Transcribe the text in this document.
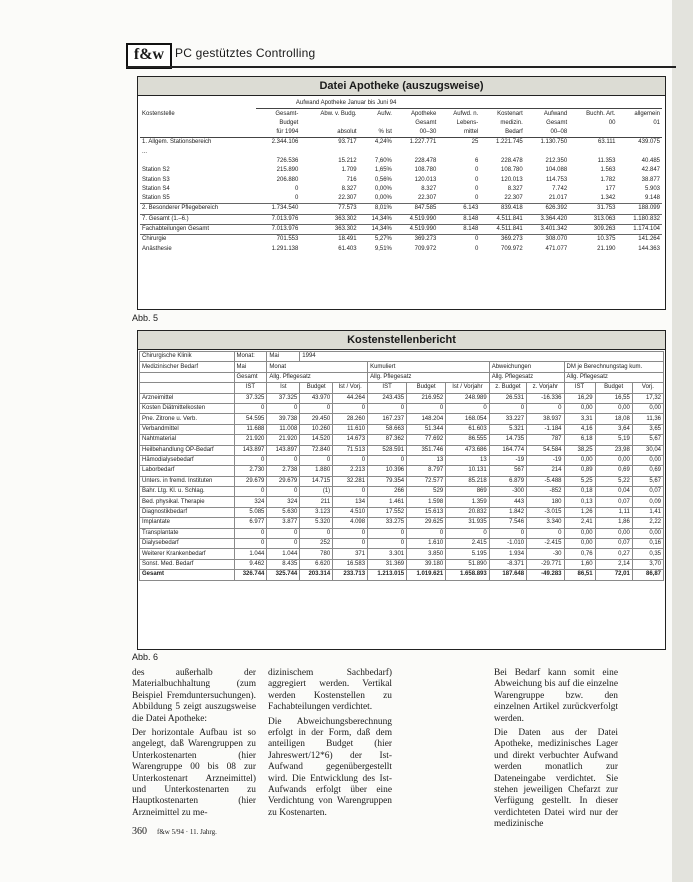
f&w PC gestütztes Controlling
Datei Apotheke (auszugsweise)
	Aufwand Apotheke Januar bis Juni 94								
Kostenstelle	Gesamt-	Abw. v. Budg.	Aufw.	Apotheke	Aufwd. n.	Kostenart	Aufwand	Buchh. Art.	allgemein
	Budget			Gesamt	Lebens-	medizin.	Gesamt	00	01
	für 1994	absolut	% Ist	00–30	mittel	Bedarf	00–08		
1. Allgem. Stationsbereich	2.344.106	93.717	4,24%	1.227.771	25	1.221.745	1.130.750	63.111	439.075
...									
	726.536	15.212	7,60%	228.478	6	228.478	212.350	11.353	40.485
Station S2	215.890	1.709	1,65%	108.780	0	108.780	104.088	1.563	42.847
Station S3	206.880	716	0,56%	120.013	0	120.013	114.753	1.782	38.877
Station S4	0	8.327	0,00%	8.327	0	8.327	7.742	177	5.903
Station S5	0	22.307	0,00%	22.307	0	22.307	21.017	1.342	9.148
2. Besonderer Pflegebereich	1.734.540	77.573	8,01%	847.585	6.143	839.418	626.392	31.753	188.099
7. Gesamt (1.–6.)	7.013.976	363.302	14,34%	4.519.990	8.148	4.511.841	3.364.420	313.063	1.180.832
Fachabteilungen Gesamt	7.013.976	363.302	14,34%	4.519.990	8.148	4.511.841	3.401.342	309.263	1.174.104
Chirurgie	701.553	18.491	5,27%	369.273	0	369.273	308.070	10.375	141.264
Anästhesie	1.291.138	61.403	9,51%	709.972	0	709.972	471.077	21.190	144.363
Abb. 5
Kostenstellenbericht
Chirurgische Klinik	Monat:	Mai	1994									
Medizinischer Bedarf	Mai	Monat			Kumuliert			Abweichungen		DM je Berechnungstag kum.		
	Gesamt	Allg. Pflegesatz			Allg. Pflegesatz			Allg. Pflegesatz		Allg. Pflegesatz		
	IST	Ist	Budget	Ist / Vorj.	IST	Budget	Ist / Vorjahr	z. Budget	z. Vorjahr	IST	Budget	Vorj.
Arzneimittel	37.325	37.325	43.970	44.264	243.435	216.952	248.989	26.531	-16.336	16,29	16,55	17,32
Kosten Diätmittelkosten	0	0	0	0	0	0	0	0	0	0,00	0,00	0,00
Pne. Zitrone u. Verb.	54.595	39.738	29.450	28.260	167.237	148.204	168.054	33.227	38.937	3,31	18,08	11,36
Verbandmittel	11.688	11.008	10.260	11.610	58.663	51.344	61.603	5.321	-1.184	4,16	3,64	3,65
Nahtmaterial	21.920	21.920	14.520	14.673	87.362	77.692	86.555	14.735	787	6,18	5,19	5,67
Heilbehandlung OP-Bedarf	143.897	143.897	72.840	71.513	528.591	351.746	473.686	164.774	54.584	38,25	23,98	30,04
Hämodialysebedarf	0	0	0	0	0	13	13	-19	-19	0,00	0,00	0,00
Laborbedarf	2.730	2.738	1.880	2.213	10.396	8.797	10.131	567	214	0,89	0,69	0,69
Unters. in fremd. Instituten	29.679	29.679	14.715	32.281	79.354	72.577	85.218	6.879	-5.488	5,25	5,22	5,67
Bahr. Ltg. Kl. u. Schlag.	0	0	(1)	0	266	529	869	-300	-852	0,18	0,04	0,07
Bed. physikal. Therapie	324	324	211	134	1.461	1.598	1.359	443	180	0,13	0,07	0,09
Diagnostikbedarf	5.085	5.630	3.123	4.510	17.552	15.613	20.832	1.842	-3.015	1,26	1,11	1,41
Implantate	6.977	3.877	5.320	4.098	33.275	29.625	31.935	7.546	3.340	2,41	1,86	2,22
Transplantate	0	0	0	0	0	0	0	0	0	0,00	0,00	0,00
Dialysebedarf	0	0	252	0	0	1.610	2.415	-1.010	-2.415	0,00	0,07	0,16
Weiterer Krankenbedarf	1.044	1.044	780	371	3.301	3.850	5.195	1.934	-30	0,76	0,27	0,35
Sonst. Med. Bedarf	9.462	8.435	6.620	16.583	31.369	39.180	51.890	-8.371	-29.771	1,60	2,14	3,70
Gesamt	326.744	325.744	203.314	233.713	1.213.015	1.019.621	1.658.893	187.648	-49.283	86,51	72,01	86,87
Abb. 6

des außerhalb der Materialbuchhaltung (zum Beispiel Fremduntersuchungen). Abbildung 5 zeigt auszugsweise die Datei Apotheke:

Der horizontale Aufbau ist so angelegt, daß Warengruppen zu Unterkostenarten (hier Warengruppe 00 bis 08 zur Unterkostenart Arzneimittel) und Unterkostenarten zu Hauptkostenarten (hier Arzneimittel zu me-

dizinischem Sachbedarf) aggregiert werden. Vertikal werden Kostenstellen zu Fachabteilungen verdichtet.

Die Abweichungsberechnung erfolgt in der Form, daß dem anteiligen Budget (hier Jahreswert/12*6) der Ist-Aufwand gegenübergestellt wird. Die Entwicklung des Ist-Aufwands erfolgt über eine Verdichtung von Warengruppen zu Kostenarten.

Bei Bedarf kann somit eine Abweichung bis auf die einzelne Warengruppe bzw. den einzelnen Artikel zurückverfolgt werden.

Die Daten aus der Datei Apotheke, medizinisches Lager und direkt verbuchter Aufwand werden monatlich zur Dateneingabe verdichtet. Sie stehen jeweiligen Chefarzt zur Verfügung gestellt. In dieser verdichteten Datei wird nur der medizinische

360 f&w 5/94 · 11. Jahrg.
